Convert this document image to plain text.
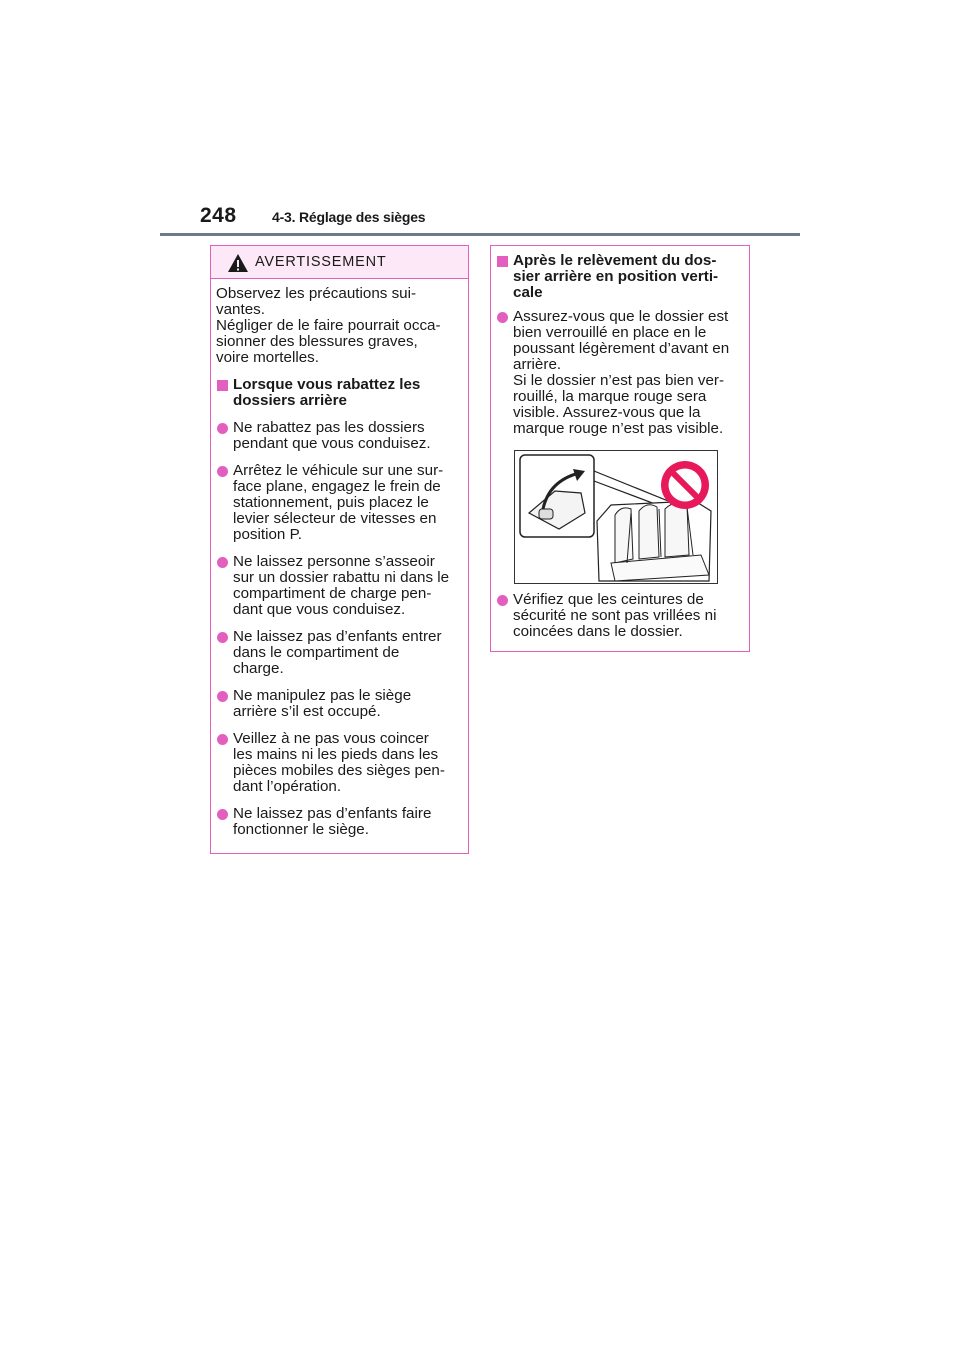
248	4-3. Réglage des sièges
AVERTISSEMENT
Observez les précautions sui-
vantes.
Négliger de le faire pourrait occa-
sionner des blessures graves,
voire mortelles.
Lorsque vous rabattez les
dossiers arrière
Ne rabattez pas les dossiers
pendant que vous conduisez.
Arrêtez le véhicule sur une sur-
face plane, engagez le frein de
stationnement, puis placez le
levier sélecteur de vitesses en
position P.
Ne laissez personne s’asseoir
sur un dossier rabattu ni dans le
compartiment de charge pen-
dant que vous conduisez.
Ne laissez pas d’enfants entrer
dans le compartiment de
charge.
Ne manipulez pas le siège
arrière s’il est occupé.
Veillez à ne pas vous coincer
les mains ni les pieds dans les
pièces mobiles des sièges pen-
dant l’opération.
Ne laissez pas d’enfants faire
fonctionner le siège.
Après le relèvement du dos-
sier arrière en position verti-
cale
Assurez-vous que le dossier est
bien verrouillé en place en le
poussant légèrement d’avant en
arrière.
Si le dossier n’est pas bien ver-
rouillé, la marque rouge sera
visible. Assurez-vous que la
marque rouge n’est pas visible.
Vérifiez que les ceintures de
sécurité ne sont pas vrillées ni
coincées dans le dossier.
